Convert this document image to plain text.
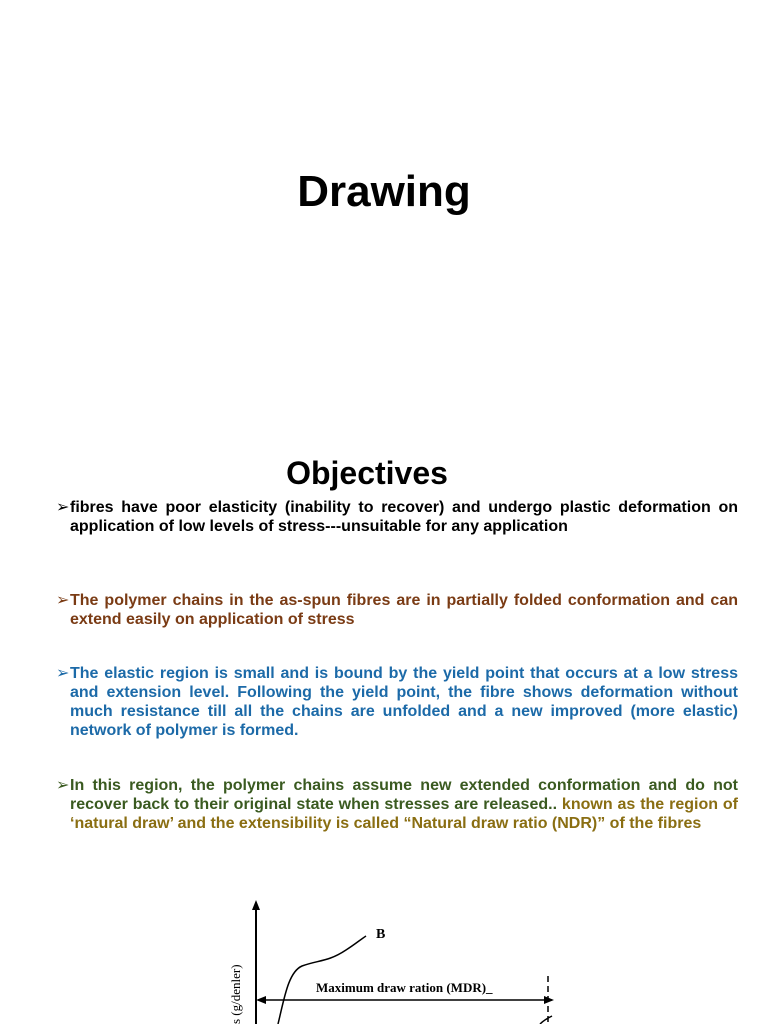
Drawing
Objectives

➢fibres have poor elasticity (inability to recover) and undergo plastic deformation on application of low levels of stress---unsuitable for any application

➢The polymer chains in the as-spun fibres are in partially folded conformation and can extend easily on application of stress

➢The elastic region is small and is bound by the yield point that occurs at a low stress and extension level. Following the yield point, the fibre shows deformation without much resistance till all the chains are unfolded and a new improved (more elastic) network of polymer is formed.

➢In this region, the polymer chains assume new extended conformation and do not recover back to their original state when stresses are released.. known as the region of ‘natural draw’ and the extensibility is called “Natural draw ratio (NDR)” of the fibres

s (g/denler)
B
Maximum draw ration (MDR)_
